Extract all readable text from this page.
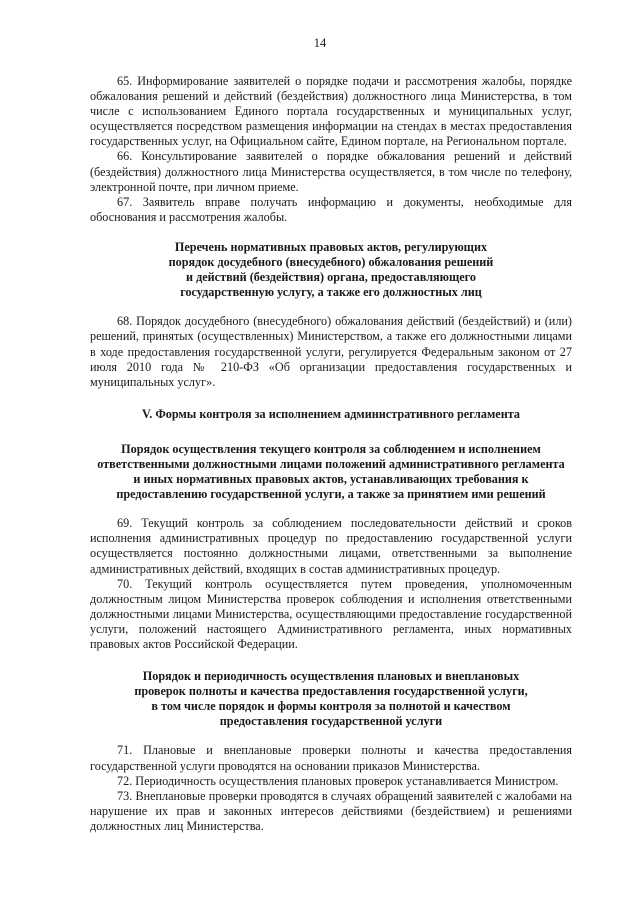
14

65. Информирование заявителей о порядке подачи и рассмотрения жалобы, порядке обжалования решений и действий (бездействия) должностного лица Министерства, в том числе с использованием Единого портала государственных и муниципальных услуг, осуществляется посредством размещения информации на стендах в местах предоставления государственных услуг, на Официальном сайте, Едином портале, на Региональном портале.

66. Консультирование заявителей о порядке обжалования решений и действий (бездействия) должностного лица Министерства осуществляется, в том числе по телефону, электронной почте, при личном приеме.

67. Заявитель вправе получать информацию и документы, необходимые для обоснования и рассмотрения жалобы.

Перечень нормативных правовых актов, регулирующих
порядок досудебного (внесудебного) обжалования решений
и действий (бездействия) органа, предоставляющего
государственную услугу, а также его должностных лиц

68. Порядок досудебного (внесудебного) обжалования действий (бездействий) и (или) решений, принятых (осуществленных) Министерством, а также его должностными лицами в ходе предоставления государственной услуги, регулируется Федеральным законом от 27 июля 2010 года № 210-ФЗ «Об организации предоставления государственных и муниципальных услуг».

V. Формы контроля за исполнением административного регламента

Порядок осуществления текущего контроля за соблюдением и исполнением
ответственными должностными лицами положений административного регламента
и иных нормативных правовых актов, устанавливающих требования к
предоставлению государственной услуги, а также за принятием ими решений

69. Текущий контроль за соблюдением последовательности действий и сроков исполнения административных процедур по предоставлению государственной услуги осуществляется постоянно должностными лицами, ответственными за выполнение административных действий, входящих в состав административных процедур.

70. Текущий контроль осуществляется путем проведения, уполномоченным должностным лицом Министерства проверок соблюдения и исполнения ответственными должностными лицами Министерства, осуществляющими предоставление государственной услуги, положений настоящего Административного регламента, иных нормативных правовых актов Российской Федерации.

Порядок и периодичность осуществления плановых и внеплановых
проверок полноты и качества предоставления государственной услуги,
в том числе порядок и формы контроля за полнотой и качеством
предоставления государственной услуги

71. Плановые и внеплановые проверки полноты и качества предоставления государственной услуги проводятся на основании приказов Министерства.

72. Периодичность осуществления плановых проверок устанавливается Министром.

73. Внеплановые проверки проводятся в случаях обращений заявителей с жалобами на нарушение их прав и законных интересов действиями (бездействием) и решениями должностных лиц Министерства.
